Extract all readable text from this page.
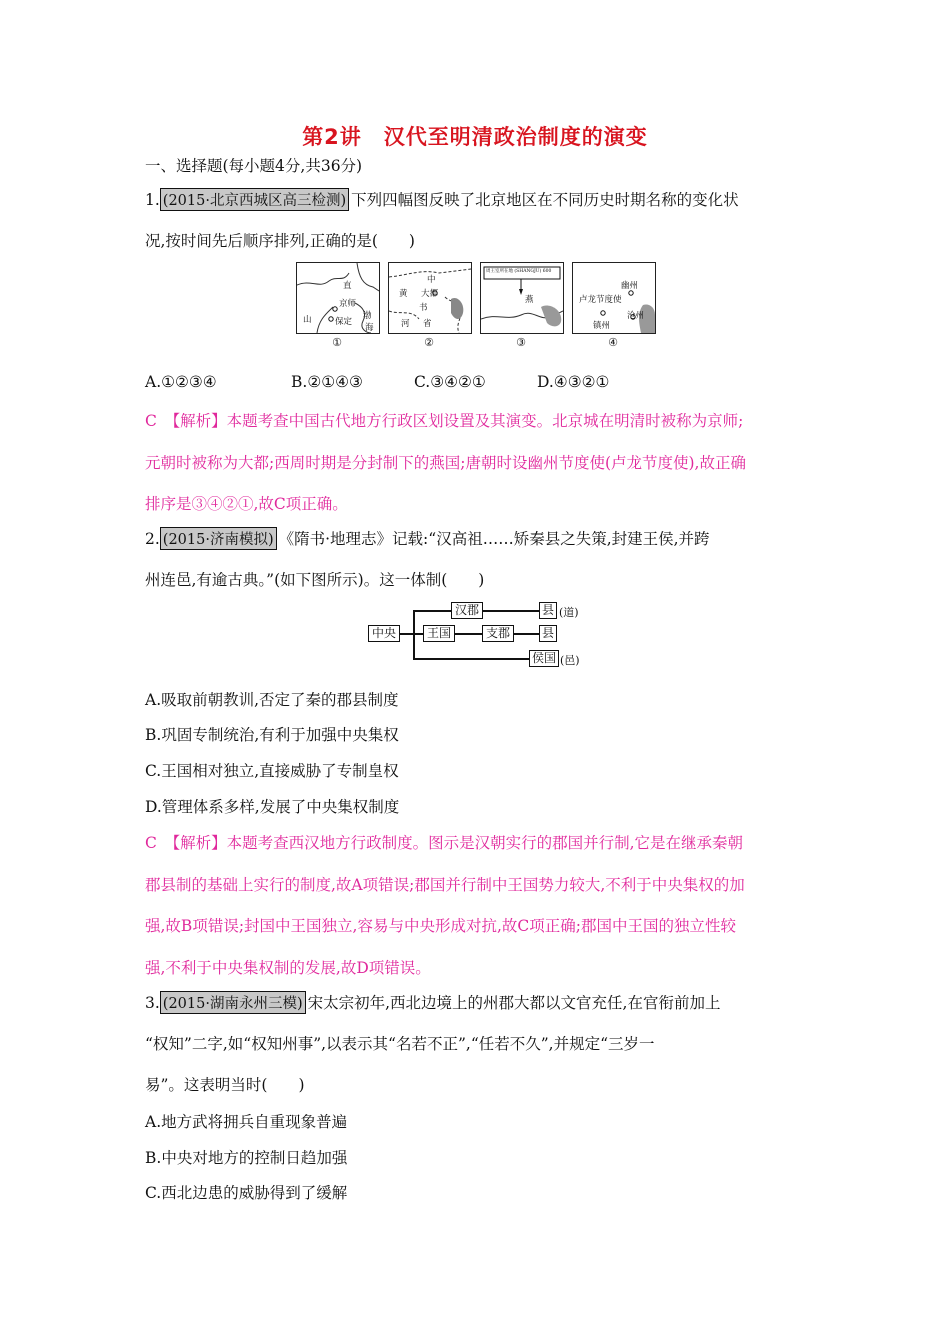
第2讲　汉代至明清政治制度的演变
一、选择题(每小题4分,共36分)
1. (2015·北京西城区高三检测) 下列四幅图反映了北京地区在不同历史时期名称的变化状
况,按时间先后顺序排列,正确的是(　　)
直
京师
保定
渤
海
山
①
中
黄 大都
书
河 省
②
周王室所在地 (SHANGJU) 600
燕
③
幽州
卢龙节度使
镇州
沧州
④
A.①②③④	B.②①④③	C.③④②①	D.④③②①
C　【解析】本题考查中国古代地方行政区划设置及其演变。北京城在明清时被称为京师;
元朝时被称为大都;西周时期是分封制下的燕国;唐朝时设幽州节度使(卢龙节度使),故正确
排序是③④②①,故C项正确。
2. (2015·济南模拟) 《隋书·地理志》记载:“汉高祖……矫秦县之失策,封建王侯,并跨
州连邑,有逾古典。”(如下图所示)。这一体制(　　)
中央
汉郡
王国	支郡
县
县
侯国
(道)
(邑)
A.吸取前朝教训,否定了秦的郡县制度
B.巩固专制统治,有利于加强中央集权
C.王国相对独立,直接威胁了专制皇权
D.管理体系多样,发展了中央集权制度
C　【解析】本题考查西汉地方行政制度。图示是汉朝实行的郡国并行制,它是在继承秦朝
郡县制的基础上实行的制度,故A项错误;郡国并行制中王国势力较大,不利于中央集权的加
强,故B项错误;封国中王国独立,容易与中央形成对抗,故C项正确;郡国中王国的独立性较
强,不利于中央集权制的发展,故D项错误。
3. (2015·湖南永州三模) 宋太宗初年,西北边境上的州郡大都以文官充任,在官衔前加上
“权知”二字,如“权知州事”,以表示其“名若不正”,“任若不久”,并规定“三岁一
易”。这表明当时(　　)
A.地方武将拥兵自重现象普遍
B.中央对地方的控制日趋加强
C.西北边患的威胁得到了缓解
